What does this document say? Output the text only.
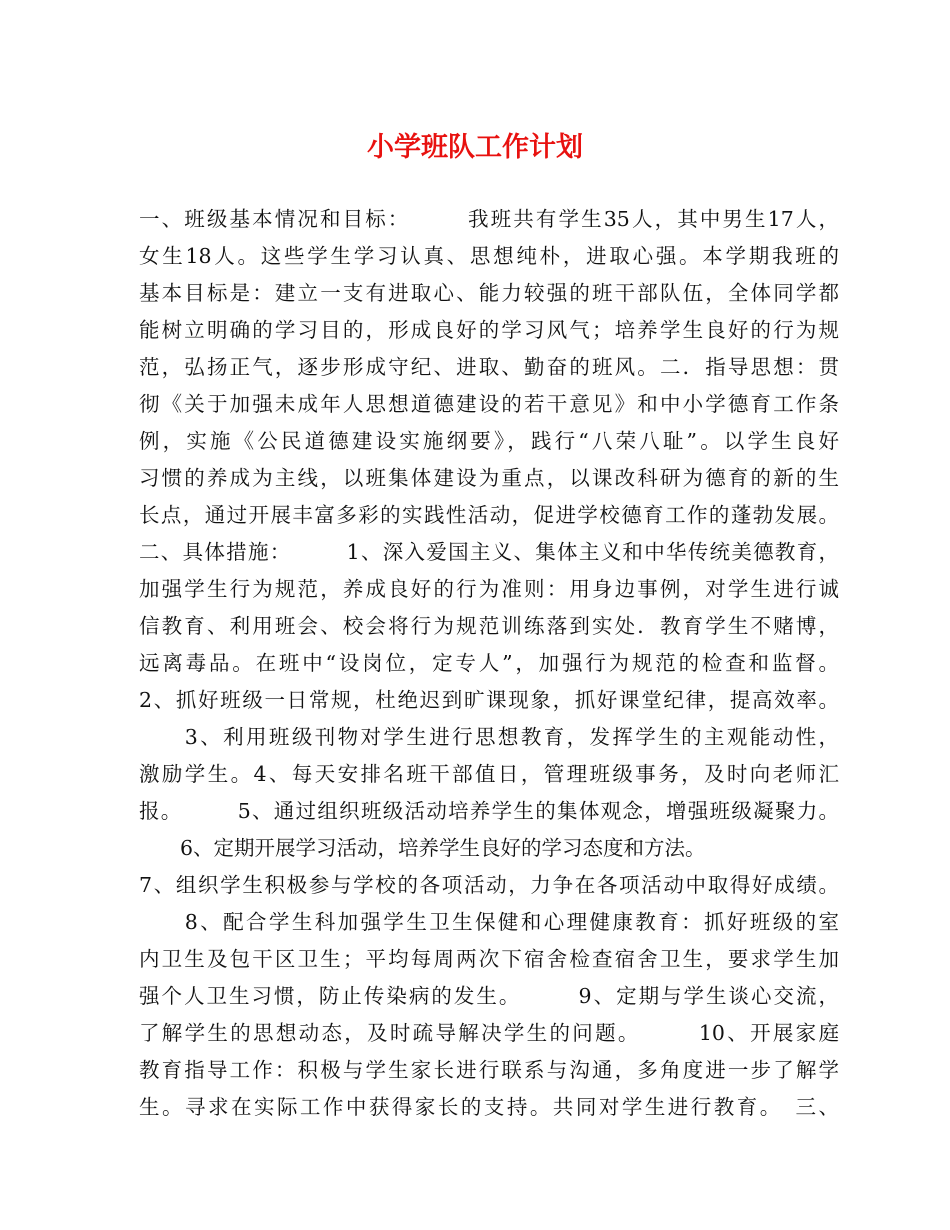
小学班队工作计划
一、班级基本情况和目标：　　　我班共有学生35人，其中男生17人，
女生18人。这些学生学习认真、思想纯朴，进取心强。本学期我班的
基本目标是：建立一支有进取心、能力较强的班干部队伍，全体同学都
能树立明确的学习目的，形成良好的学习风气；培养学生良好的行为规
范，弘扬正气，逐步形成守纪、进取、勤奋的班风。二．指导思想：贯
彻《关于加强未成年人思想道德建设的若干意见》和中小学德育工作条
例，实施《公民道德建设实施纲要》，践行“八荣八耻”。以学生良好
习惯的养成为主线，以班集体建设为重点，以课改科研为德育的新的生
长点，通过开展丰富多彩的实践性活动，促进学校德育工作的蓬勃发展。
二、具体措施：　　　1、深入爱国主义、集体主义和中华传统美德教育，
加强学生行为规范，养成良好的行为准则：用身边事例，对学生进行诚
信教育、利用班会、校会将行为规范训练落到实处．教育学生不赌博，
远离毒品。在班中“设岗位，定专人”，加强行为规范的检查和监督。
2、抓好班级一日常规，杜绝迟到旷课现象，抓好课堂纪律，提高效率。
　　3、利用班级刊物对学生进行思想教育，发挥学生的主观能动性，
激励学生。4、每天安排名班干部值日，管理班级事务，及时向老师汇
报。　　　5、通过组织班级活动培养学生的集体观念，增强班级凝聚力。
　　6、定期开展学习活动，培养学生良好的学习态度和方法。
7、组织学生积极参与学校的各项活动，力争在各项活动中取得好成绩。
　　8、配合学生科加强学生卫生保健和心理健康教育：抓好班级的室
内卫生及包干区卫生；平均每周两次下宿舍检查宿舍卫生，要求学生加
强个人卫生习惯，防止传染病的发生。　　　9、定期与学生谈心交流，
了解学生的思想动态，及时疏导解决学生的问题。　　　10、开展家庭
教育指导工作：积极与学生家长进行联系与沟通，多角度进一步了解学
生。寻求在实际工作中获得家长的支持。共同对学生进行教育。　三、
